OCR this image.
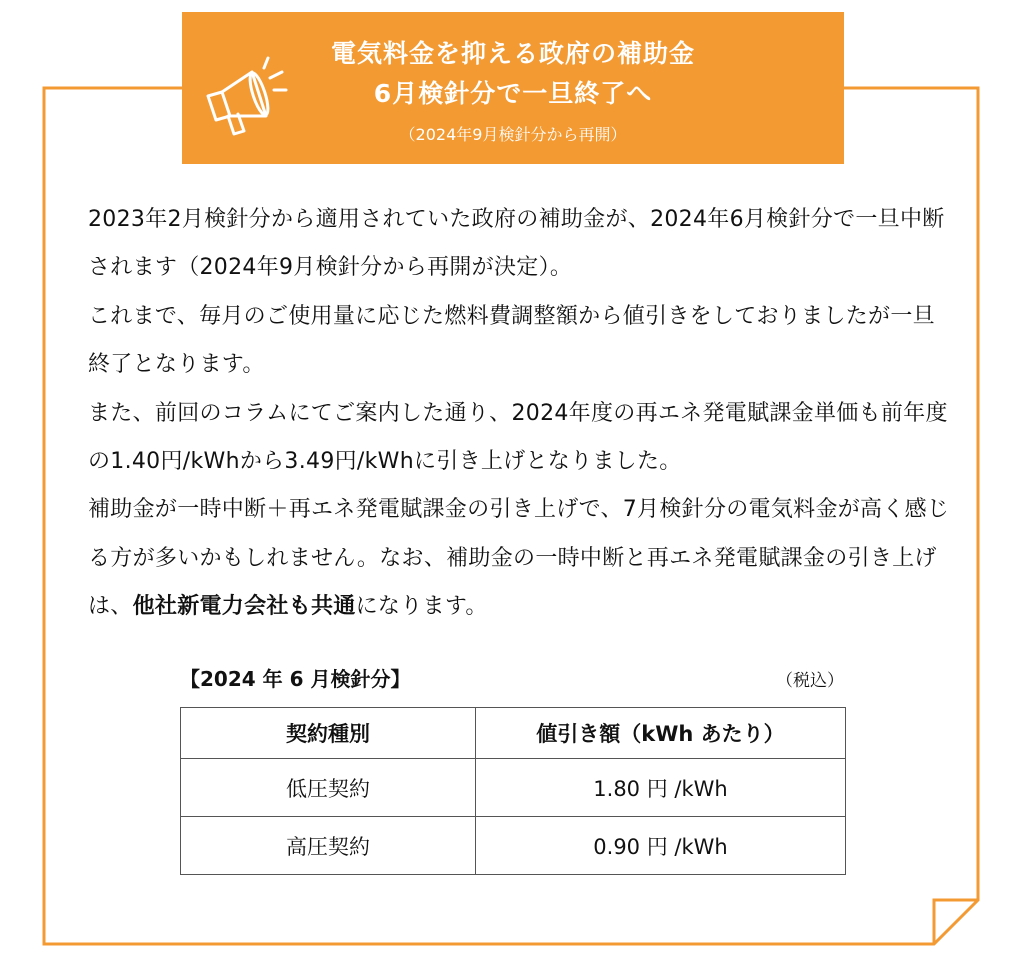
電気料金を抑える政府の補助金
6月検針分で一旦終了へ
（2024年9月検針分から再開）

2023年2月検針分から適用されていた政府の補助金が、2024年6月検針分で一旦中断されます（2024年9月検針分から再開が決定）。

これまで、毎月のご使用量に応じた燃料費調整額から値引きをしておりましたが一旦終了となります。

また、前回のコラムにてご案内した通り、2024年度の再エネ発電賦課金単価も前年度の1.40円/kWhから3.49円/kWhに引き上げとなりました。

補助金が一時中断＋再エネ発電賦課金の引き上げで、7月検針分の電気料金が高く感じる方が多いかもしれません。なお、補助金の一時中断と再エネ発電賦課金の引き上げは、他社新電力会社も共通になります。

【2024 年 6 月検針分】	（税込）
契約種別	値引き額（kWh あたり）
低圧契約	1.80 円 /kWh
高圧契約	0.90 円 /kWh
